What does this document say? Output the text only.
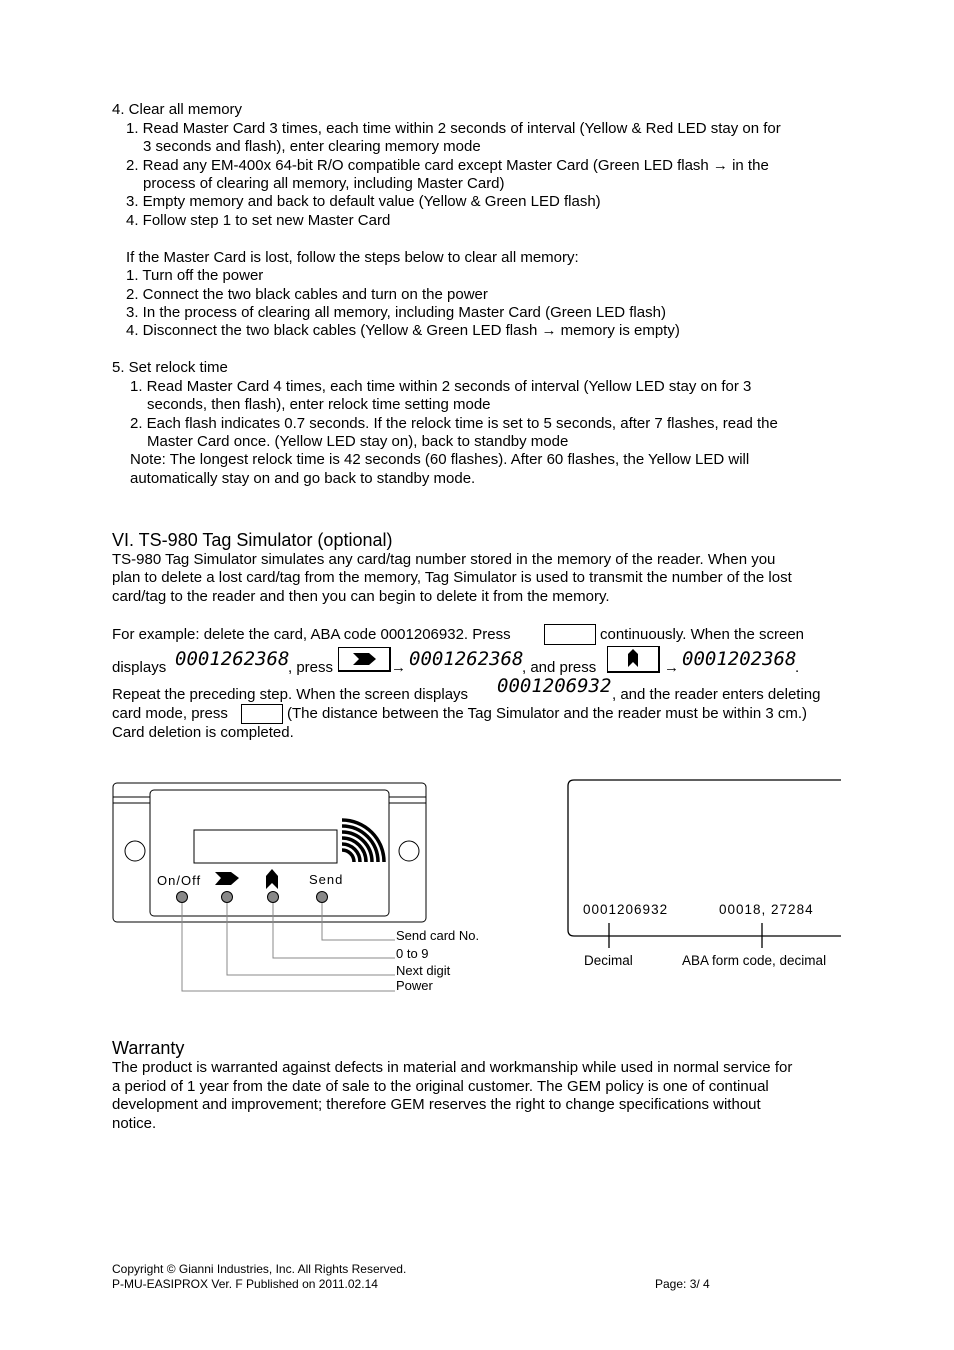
4. Clear all memory
1. Read Master Card 3 times, each time within 2 seconds of interval (Yellow & Red LED stay on for
3 seconds and flash), enter clearing memory mode
2. Read any EM-400x 64-bit R/O compatible card except Master Card (Green LED flash → in the
process of clearing all memory, including Master Card)
3. Empty memory and back to default value (Yellow & Green LED flash)
4. Follow step 1 to set new Master Card
If the Master Card is lost, follow the steps below to clear all memory:
1. Turn off the power
2. Connect the two black cables and turn on the power
3. In the process of clearing all memory, including Master Card (Green LED flash)
4. Disconnect the two black cables (Yellow & Green LED flash → memory is empty)
5. Set relock time
1. Read Master Card 4 times, each time within 2 seconds of interval (Yellow LED stay on for 3
seconds, then flash), enter relock time setting mode
2. Each flash indicates 0.7 seconds. If the relock time is set to 5 seconds, after 7 flashes, read the
Master Card once. (Yellow LED stay on), back to standby mode
Note: The longest relock time is 42 seconds (60 flashes). After 60 flashes, the Yellow LED will
automatically stay on and go back to standby mode.
VI. TS-980 Tag Simulator (optional)
TS-980 Tag Simulator simulates any card/tag number stored in the memory of the reader. When you
plan to delete a lost card/tag from the memory, Tag Simulator is used to transmit the number of the lost
card/tag to the reader and then you can begin to delete it from the memory.
For example: delete the card, ABA code 0001206932. Press	continuously. When the screen
displays 0001262368
, press	→ 0001262368
, and press	→ 0001202368
.
Repeat the preceding step. When the screen displays 0001206932 , and the reader enters deleting
card mode, press	(The distance between the Tag Simulator and the reader must be within 3 cm.)
Card deletion is completed.
On/Off	Send
Send card No.
0 to 9
Next digit
Power
0001206932	00018, 27284
Decimal	ABA form code, decimal
Warranty
The product is warranted against defects in material and workmanship while used in normal service for
a period of 1 year from the date of sale to the original customer. The GEM policy is one of continual
development and improvement; therefore GEM reserves the right to change specifications without
notice.
Copyright © Gianni Industries, Inc. All Rights Reserved.
P-MU-EASIPROX Ver. F Published on 2011.02.14	Page: 3/ 4
